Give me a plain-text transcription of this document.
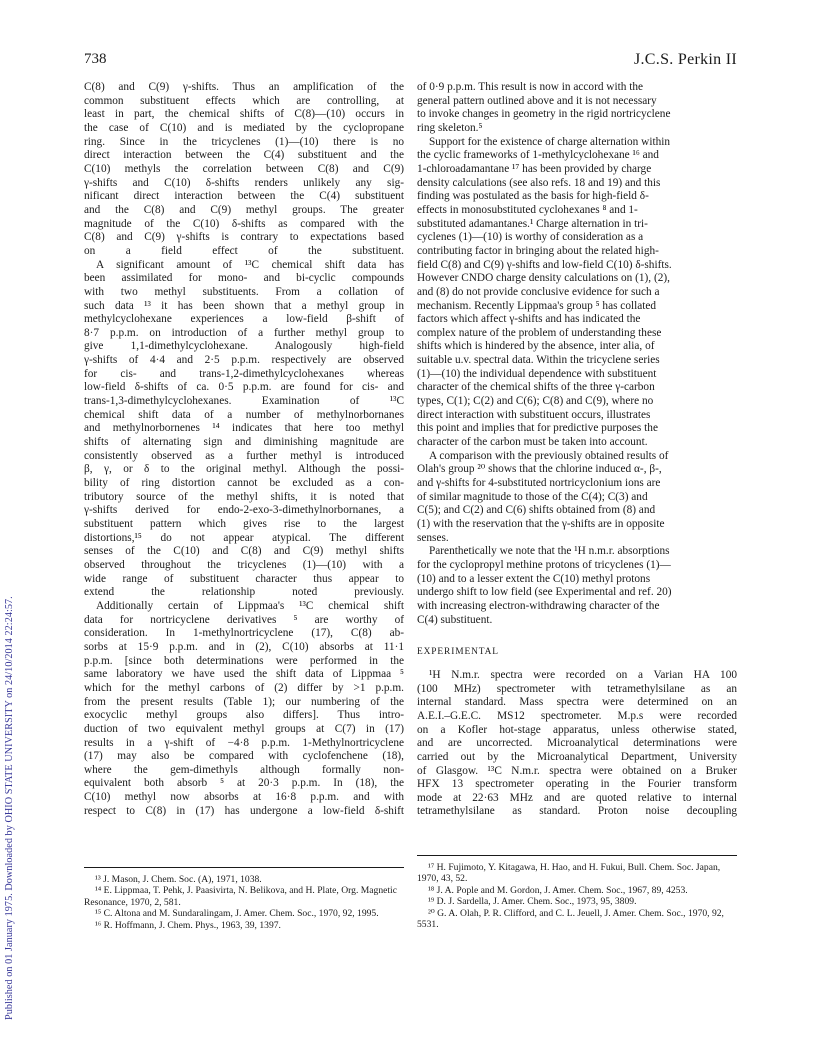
Published on 01 January 1975. Downloaded by OHIO STATE UNIVERSITY on 24/10/2014 22:24:57.
738	J.C.S. Perkin II

C(8) and C(9) γ-shifts. Thus an amplification of the
common substituent effects which are controlling, at
least in part, the chemical shifts of C(8)—(10) occurs in
the case of C(10) and is mediated by the cyclopropane
ring. Since in the tricyclenes (1)—(10) there is no
direct interaction between the C(4) substituent and the
C(10) methyls the correlation between C(8) and C(9)
γ-shifts and C(10) δ-shifts renders unlikely any sig-
nificant direct interaction between the C(4) substituent
and the C(8) and C(9) methyl groups. The greater
magnitude of the C(10) δ-shifts as compared with the
C(8) and C(9) γ-shifts is contrary to expectations based
on a field effect of the substituent.

A significant amount of ¹³C chemical shift data has
been assimilated for mono- and bi-cyclic compounds
with two methyl substituents. From a collation of
such data ¹³ it has been shown that a methyl group in
methylcyclohexane experiences a low-field β-shift of
8·7 p.p.m. on introduction of a further methyl group to
give 1,1-dimethylcyclohexane. Analogously high-field
γ-shifts of 4·4 and 2·5 p.p.m. respectively are observed
for cis- and trans-1,2-dimethylcyclohexanes whereas
low-field δ-shifts of ca. 0·5 p.p.m. are found for cis- and
trans-1,3-dimethylcyclohexanes. Examination of ¹³C
chemical shift data of a number of methylnorbornanes
and methylnorbornenes ¹⁴ indicates that here too methyl
shifts of alternating sign and diminishing magnitude are
consistently observed as a further methyl is introduced
β, γ, or δ to the original methyl. Although the possi-
bility of ring distortion cannot be excluded as a con-
tributory source of the methyl shifts, it is noted that
γ-shifts derived for endo-2-exo-3-dimethylnorbornanes, a
substituent pattern which gives rise to the largest
distortions,¹⁵ do not appear atypical. The different
senses of the C(10) and C(8) and C(9) methyl shifts
observed throughout the tricyclenes (1)—(10) with a
wide range of substituent character thus appear to
extend the relationship noted previously.

Additionally certain of Lippmaa's ¹³C chemical shift
data for nortricyclene derivatives ⁵ are worthy of
consideration. In 1-methylnortricyclene (17), C(8) ab-
sorbs at 15·9 p.p.m. and in (2), C(10) absorbs at 11·1
p.p.m. [since both determinations were performed in the
same laboratory we have used the shift data of Lippmaa ⁵
which for the methyl carbons of (2) differ by >1 p.p.m.
from the present results (Table 1); our numbering of the
exocyclic methyl groups also differs]. Thus intro-
duction of two equivalent methyl groups at C(7) in (17)
results in a γ-shift of −4·8 p.p.m. 1-Methylnortricyclene
(17) may also be compared with cyclofenchene (18),
where the gem-dimethyls although formally non-
equivalent both absorb ⁵ at 20·3 p.p.m. In (18), the
C(10) methyl now absorbs at 16·8 p.p.m. and with
respect to C(8) in (17) has undergone a low-field δ-shift

of 0·9 p.p.m. This result is now in accord with the
general pattern outlined above and it is not necessary
to invoke changes in geometry in the rigid nortricyclene
ring skeleton.⁵

Support for the existence of charge alternation within
the cyclic frameworks of 1-methylcyclohexane ¹⁶ and
1-chloroadamantane ¹⁷ has been provided by charge
density calculations (see also refs. 18 and 19) and this
finding was postulated as the basis for high-field δ-
effects in monosubstituted cyclohexanes ⁸ and 1-
substituted adamantanes.¹ Charge alternation in tri-
cyclenes (1)—(10) is worthy of consideration as a
contributing factor in bringing about the related high-
field C(8) and C(9) γ-shifts and low-field C(10) δ-shifts.
However CNDO charge density calculations on (1), (2),
and (8) do not provide conclusive evidence for such a
mechanism. Recently Lippmaa's group ⁵ has collated
factors which affect γ-shifts and has indicated the
complex nature of the problem of understanding these
shifts which is hindered by the absence, inter alia, of
suitable u.v. spectral data. Within the tricyclene series
(1)—(10) the individual dependence with substituent
character of the chemical shifts of the three γ-carbon
types, C(1); C(2) and C(6); C(8) and C(9), where no
direct interaction with substituent occurs, illustrates
this point and implies that for predictive purposes the
character of the carbon must be taken into account.

A comparison with the previously obtained results of
Olah's group ²⁰ shows that the chlorine induced α-, β-,
and γ-shifts for 4-substituted nortricyclonium ions are
of similar magnitude to those of the C(4); C(3) and
C(5); and C(2) and C(6) shifts obtained from (8) and
(1) with the reservation that the γ-shifts are in opposite
senses.

Parenthetically we note that the ¹H n.m.r. absorptions
for the cyclopropyl methine protons of tricyclenes (1)—
(10) and to a lesser extent the C(10) methyl protons
undergo shift to low field (see Experimental and ref. 20)
with increasing electron-withdrawing character of the
C(4) substituent.

EXPERIMENTAL

¹H N.m.r. spectra were recorded on a Varian HA 100
(100 MHz) spectrometer with tetramethylsilane as an
internal standard. Mass spectra were determined on an
A.E.I.–G.E.C. MS12 spectrometer. M.p.s were recorded
on a Kofler hot-stage apparatus, unless otherwise stated,
and are uncorrected. Microanalytical determinations were
carried out by the Microanalytical Department, University
of Glasgow. ¹³C N.m.r. spectra were obtained on a Bruker
HFX 13 spectrometer operating in the Fourier transform
mode at 22·63 MHz and are quoted relative to internal
tetramethylsilane as standard. Proton noise decoupling

¹³ J. Mason, J. Chem. Soc. (A), 1971, 1038.

¹⁴ E. Lippmaa, T. Pehk, J. Paasivirta, N. Belikova, and H. Plate, Org. Magnetic Resonance, 1970, 2, 581.

¹⁵ C. Altona and M. Sundaralingam, J. Amer. Chem. Soc., 1970, 92, 1995.

¹⁶ R. Hoffmann, J. Chem. Phys., 1963, 39, 1397.

¹⁷ H. Fujimoto, Y. Kitagawa, H. Hao, and H. Fukui, Bull. Chem. Soc. Japan, 1970, 43, 52.

¹⁸ J. A. Pople and M. Gordon, J. Amer. Chem. Soc., 1967, 89, 4253.

¹⁹ D. J. Sardella, J. Amer. Chem. Soc., 1973, 95, 3809.

²⁰ G. A. Olah, P. R. Clifford, and C. L. Jeuell, J. Amer. Chem. Soc., 1970, 92, 5531.
